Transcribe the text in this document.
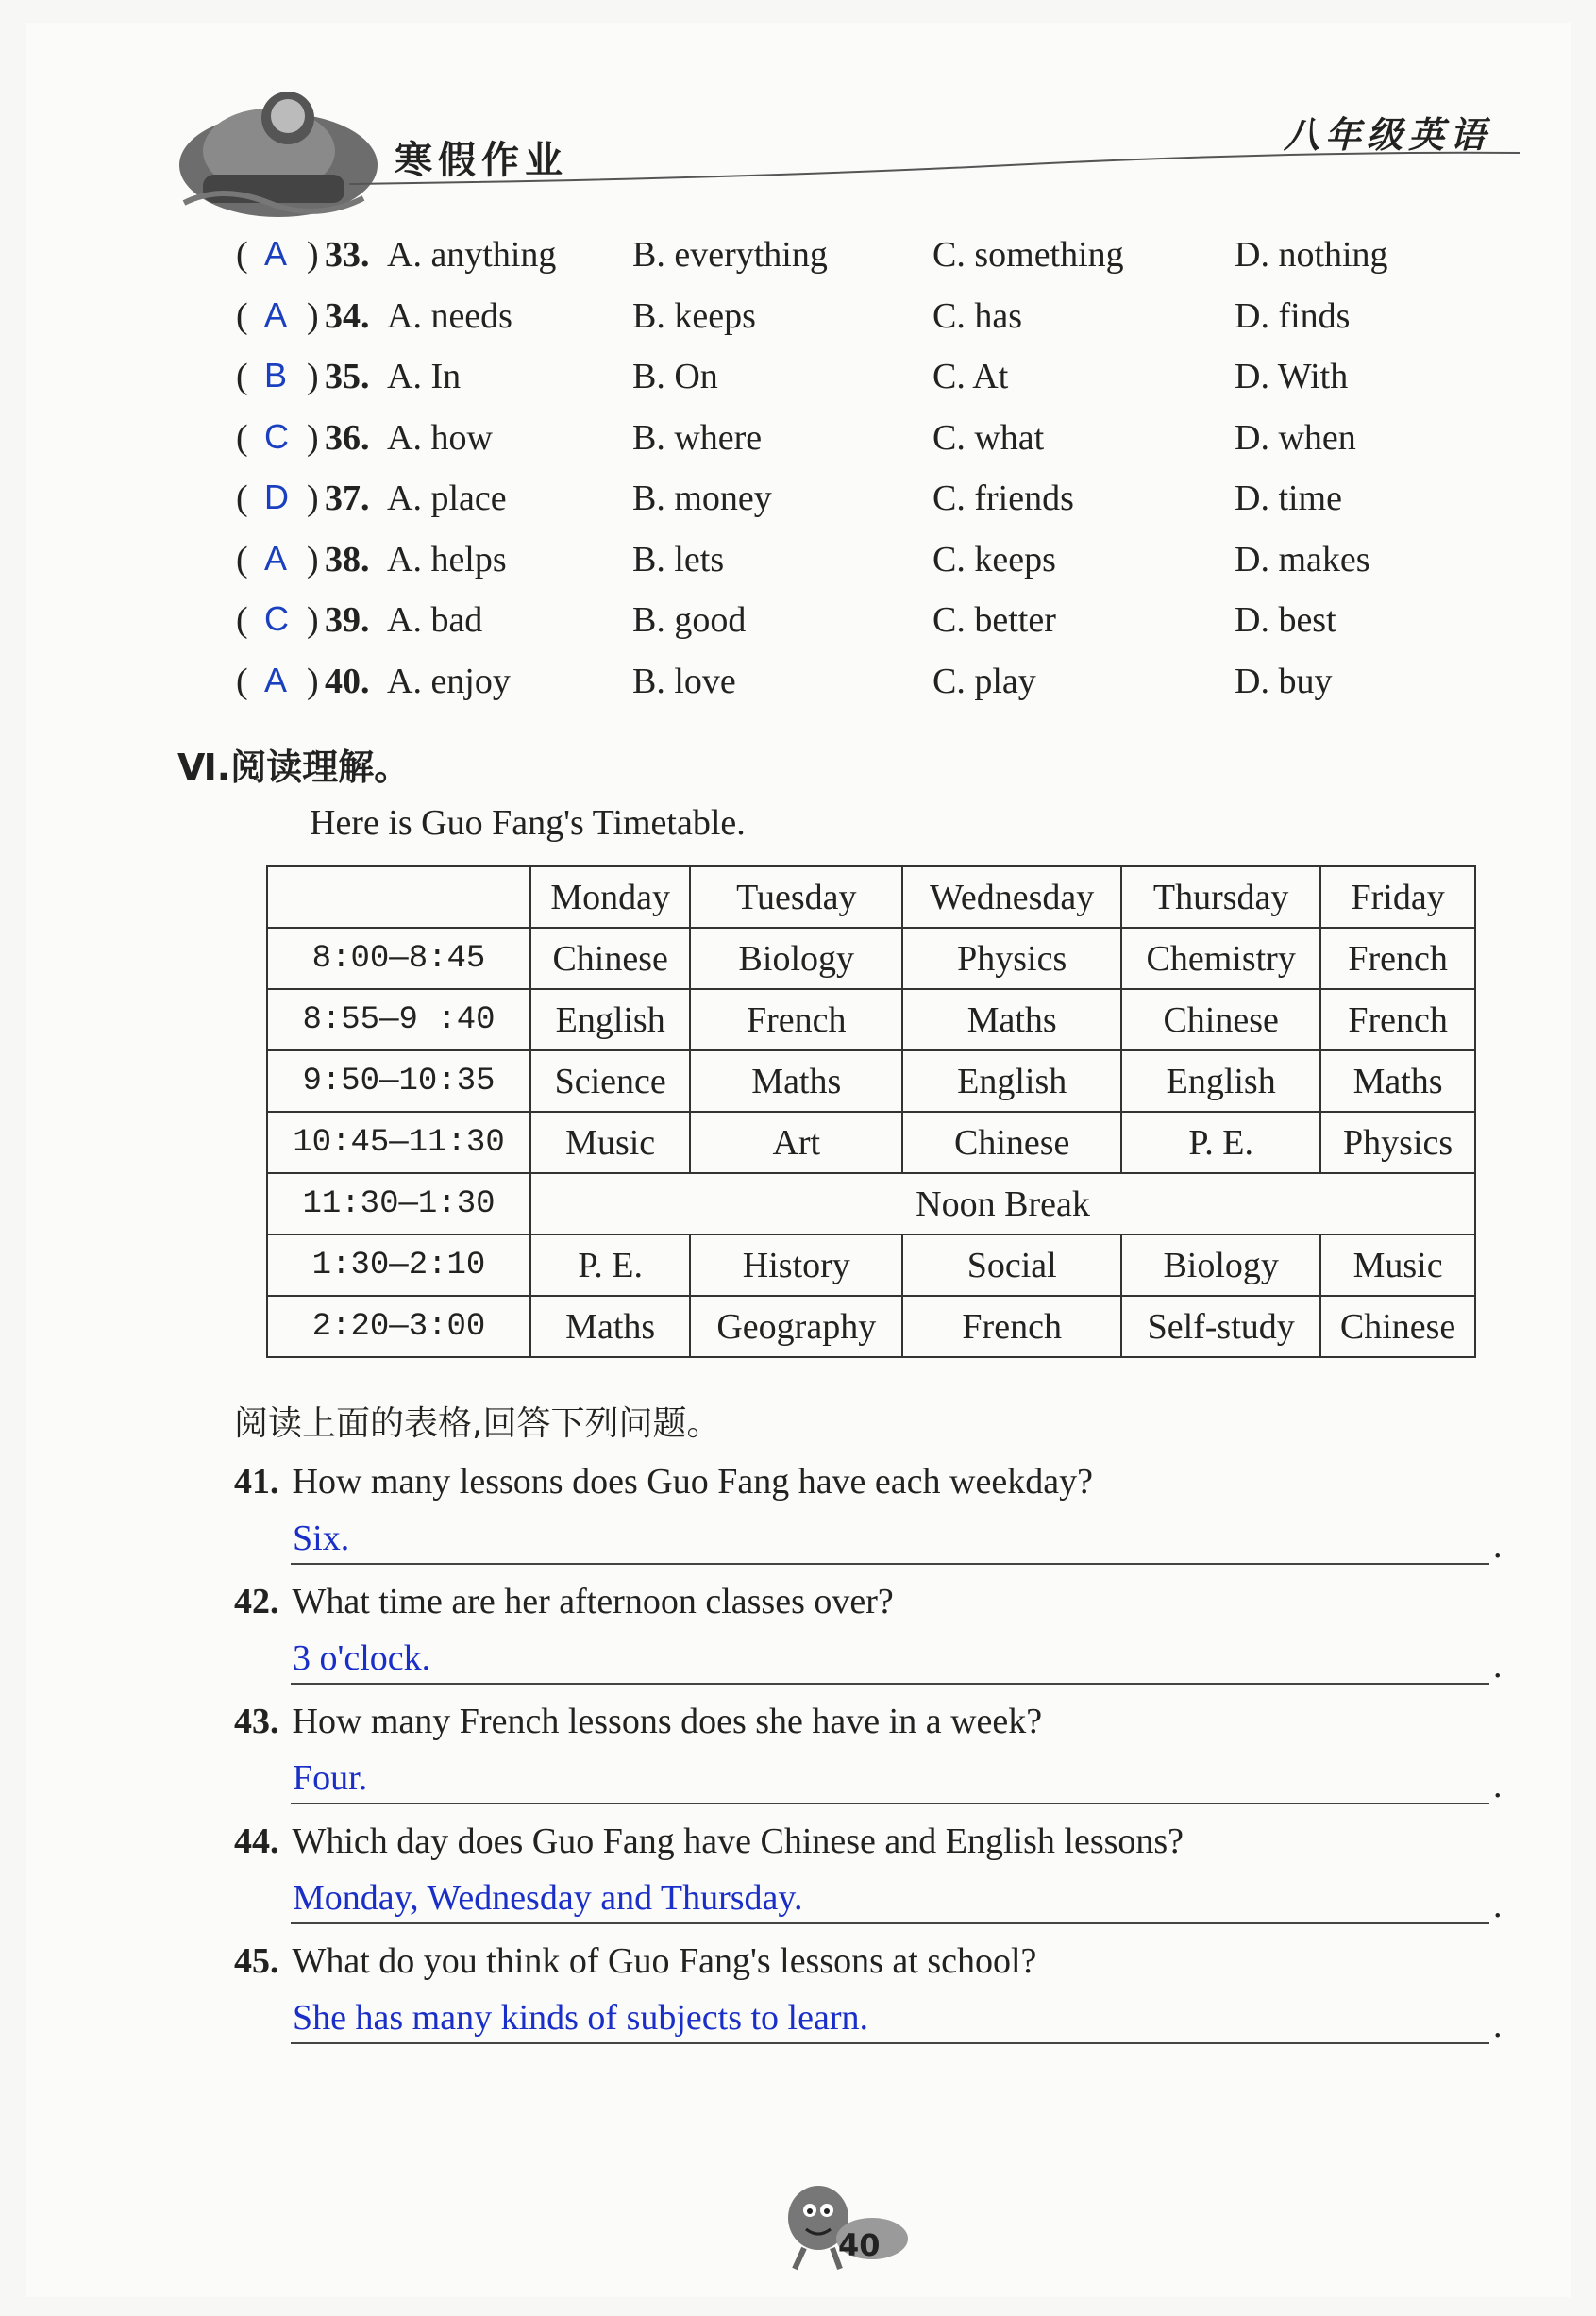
寒假作业
八年级英语
( A ) 33. A. anything B. everything	C. something	D. nothing
( A ) 34. A. needs	B. keeps	C. has	D. finds
( B ) 35. A. In	B. On	C. At	D. With
( C ) 36. A. how	B. where	C. what	D. when
( D ) 37. A. place	B. money	C. friends	D. time
( A ) 38. A. helps	B. lets	C. keeps	D. makes
( C ) 39. A. bad	B. good	C. better	D. best
( A ) 40. A. enjoy	B. love	C. play	D. buy
Ⅵ.阅读理解。
Here is Guo Fang's Timetable.
	Monday	Tuesday	Wednesday	Thursday	Friday
8:00—8:45	Chinese	Biology	Physics	Chemistry	French
8:55—9 :40	English	French	Maths	Chinese	French
9:50—10:35	Science	Maths	English	English	Maths
10:45—11:30	Music	Art	Chinese	P. E.	Physics
11:30—1:30	Noon Break				
1:30—2:10	P. E.	History	Social	Biology	Music
2:20—3:00	Maths	Geography	French	Self-study	Chinese
阅读上面的表格,回答下列问题。
41. How many lessons does Guo Fang have each weekday?
Six.	.
42. What time are her afternoon classes over?
3 o'clock.	.
43. How many French lessons does she have in a week?
Four.	.
44. Which day does Guo Fang have Chinese and English lessons?
Monday, Wednesday and Thursday.	.
45. What do you think of Guo Fang's lessons at school?
She has many kinds of subjects to learn.	.
40
